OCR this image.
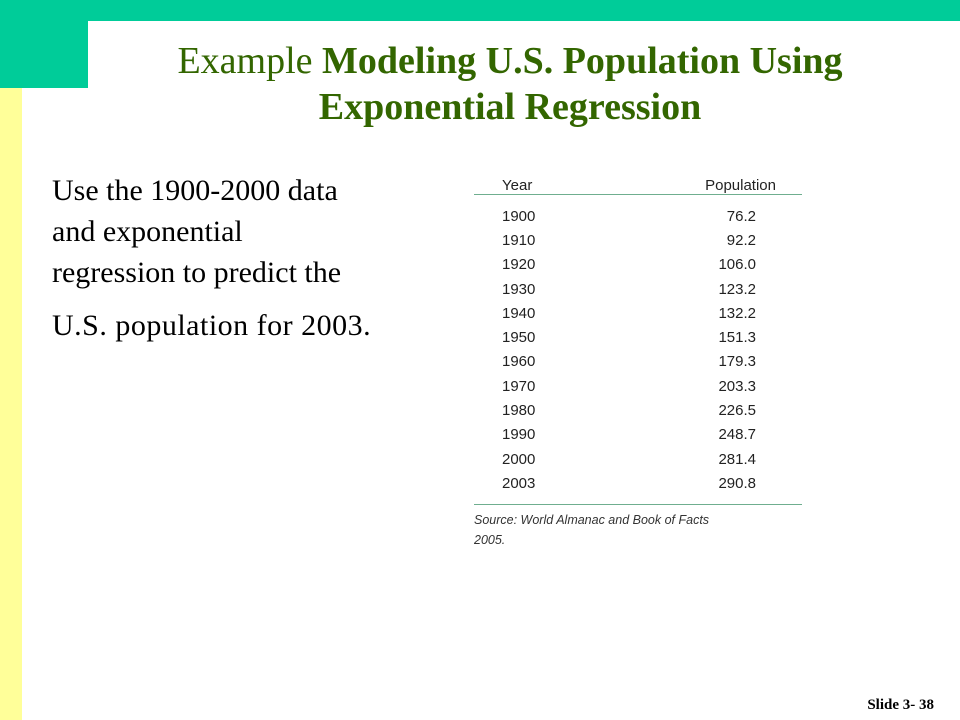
Example Modeling U.S. Population Using Exponential Regression
Use the 1900-2000 data
and exponential
regression to predict the
U.S. population for 2003.
Year	Population
1900	76.2
1910	92.2
1920	106.0
1930	123.2
1940	132.2
1950	151.3
1960	179.3
1970	203.3
1980	226.5
1990	248.7
2000	281.4
2003	290.8
Source: World Almanac and Book of Facts
2005.
Slide 3- 38
